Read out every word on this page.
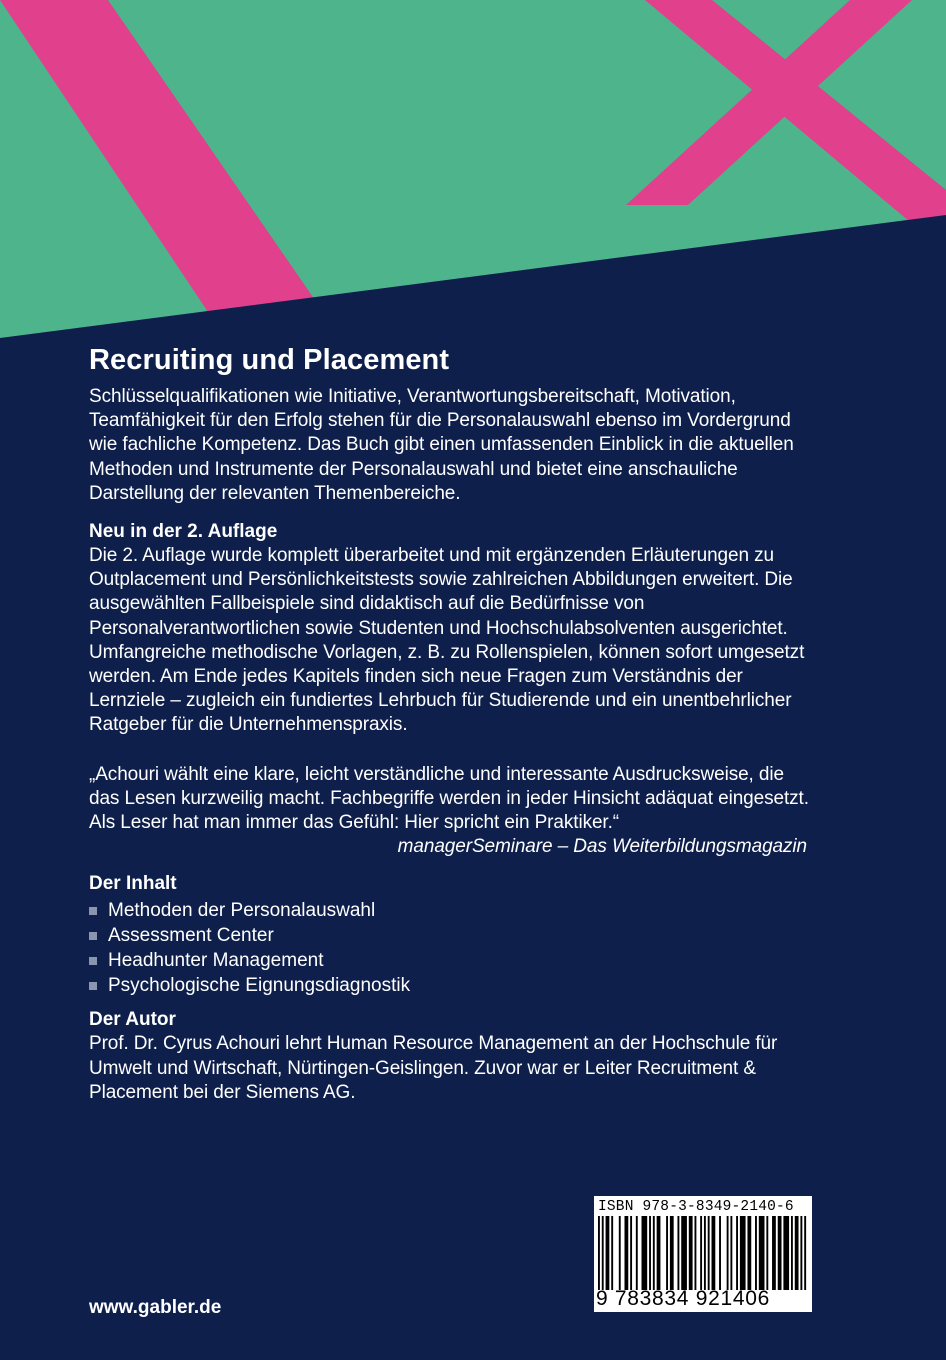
Recruiting und Placement

Schlüsselqualifikationen wie Initiative, Verantwortungsbereitschaft, Motivation, Teamfähigkeit für den Erfolg stehen für die Personalauswahl ebenso im Vordergrund wie fachliche Kompetenz. Das Buch gibt einen umfassenden Einblick in die aktuellen Methoden und Instrumente der Personalauswahl und bietet eine anschauliche Darstellung der relevanten Themenbereiche.

Neu in der 2. Auflage

Die 2. Auflage wurde komplett überarbeitet und mit ergänzenden Erläuterungen zu Outplacement und Persönlichkeitstests sowie zahlreichen Abbildungen erweitert. Die ausgewählten Fallbeispiele sind didaktisch auf die Bedürfnisse von Personalverantwortlichen sowie Studenten und Hochschulabsolventen ausgerichtet. Umfangreiche methodische Vorlagen, z. B. zu Rollenspielen, können sofort umgesetzt werden. Am Ende jedes Kapitels finden sich neue Fragen zum Verständnis der Lernziele – zugleich ein fundiertes Lehrbuch für Studierende und ein unentbehrlicher Ratgeber für die Unternehmenspraxis.

„Achouri wählt eine klare, leicht verständliche und interessante Ausdrucksweise, die das Lesen kurzweilig macht. Fachbegriffe werden in jeder Hinsicht adäquat eingesetzt. Als Leser hat man immer das Gefühl: Hier spricht ein Praktiker.“

managerSeminare – Das Weiterbildungsmagazin

Der Inhalt
Methoden der Personalauswahl
Assessment Center
Headhunter Management
Psychologische Eignungsdiagnostik
Der Autor

Prof. Dr. Cyrus Achouri lehrt Human Resource Management an der Hochschule für Umwelt und Wirtschaft, Nürtingen-Geislingen. Zuvor war er Leiter Recruitment & Placement bei der Siemens AG.

www.gabler.de
ISBN 978-3-8349-2140-6
9 783834 921406
